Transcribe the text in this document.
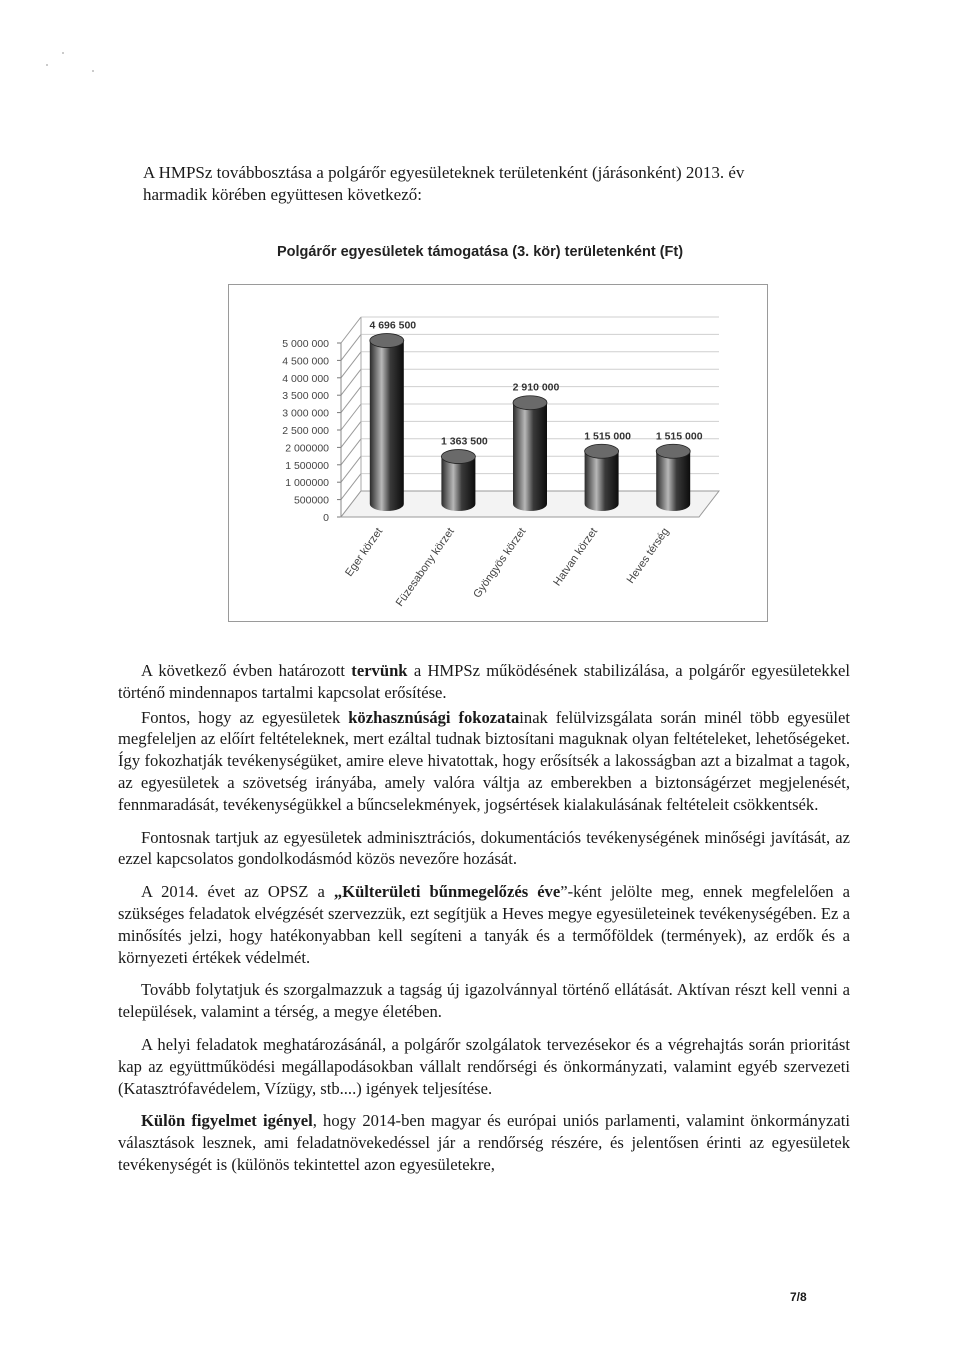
A HMPSz továbbosztása a polgárőr egyesületeknek területenként (járásonként) 2013. év
harmadik körében együttesen következő:

Polgárőr egyesületek támogatása (3. kör) területenként (Ft)
0
500000
1 000000
1 500000
2 000000
2 500 000
3 000 000
3 500 000
4 000 000
4 500 000
5 000 000
4 696 500
Eger körzet
1 363 500
Füzesabony körzet
2 910 000
Gyöngyös körzet
1 515 000
Hatvan körzet
1 515 000
Heves térség

A következő évben határozott tervünk a HMPSz működésének stabilizálása, a polgárőr egyesületekkel történő mindennapos tartalmi kapcsolat erősítése.

Fontos, hogy az egyesületek közhasznúsági fokozatainak felülvizsgálata során minél több egyesület megfeleljen az előírt feltételeknek, mert ezáltal tudnak biztosítani maguknak olyan feltételeket, lehetőségeket. Így fokozhatják tevékenységüket, amire eleve hivatottak, hogy erősítsék a lakosságban azt a bizalmat a tagok, az egyesületek a szövetség irányába, amely valóra váltja az emberekben a biztonságérzet megjelenését, fennmaradását, tevékenységükkel a bűncselekmények, jogsértések kialakulásának feltételeit csökkentsék.

Fontosnak tartjuk az egyesületek adminisztrációs, dokumentációs tevékenységének minőségi javítását, az ezzel kapcsolatos gondolkodásmód közös nevezőre hozását.

A 2014. évet az OPSZ a „Külterületi bűnmegelőzés éve”-ként jelölte meg, ennek megfelelően a szükséges feladatok elvégzését szervezzük, ezt segítjük a Heves megye egyesületeinek tevékenységében. Ez a minősítés jelzi, hogy hatékonyabban kell segíteni a tanyák és a termőföldek (termények), az erdők és a környezeti értékek védelmét.

Tovább folytatjuk és szorgalmazzuk a tagság új igazolvánnyal történő ellátását. Aktívan részt kell venni a települések, valamint a térség, a megye életében.

A helyi feladatok meghatározásánál, a polgárőr szolgálatok tervezésekor és a végrehajtás során prioritást kap az együttműködési megállapodásokban vállalt rendőrségi és önkormányzati, valamint egyéb szervezeti (Katasztrófavédelem, Vízügy, stb....) igények teljesítése.

Külön figyelmet igényel, hogy 2014-ben magyar és európai uniós parlamenti, valamint önkormányzati választások lesznek, ami feladatnövekedéssel jár a rendőrség részére, és jelentősen érinti az egyesületek tevékenységét is (különös tekintettel azon egyesületekre,

7/8
